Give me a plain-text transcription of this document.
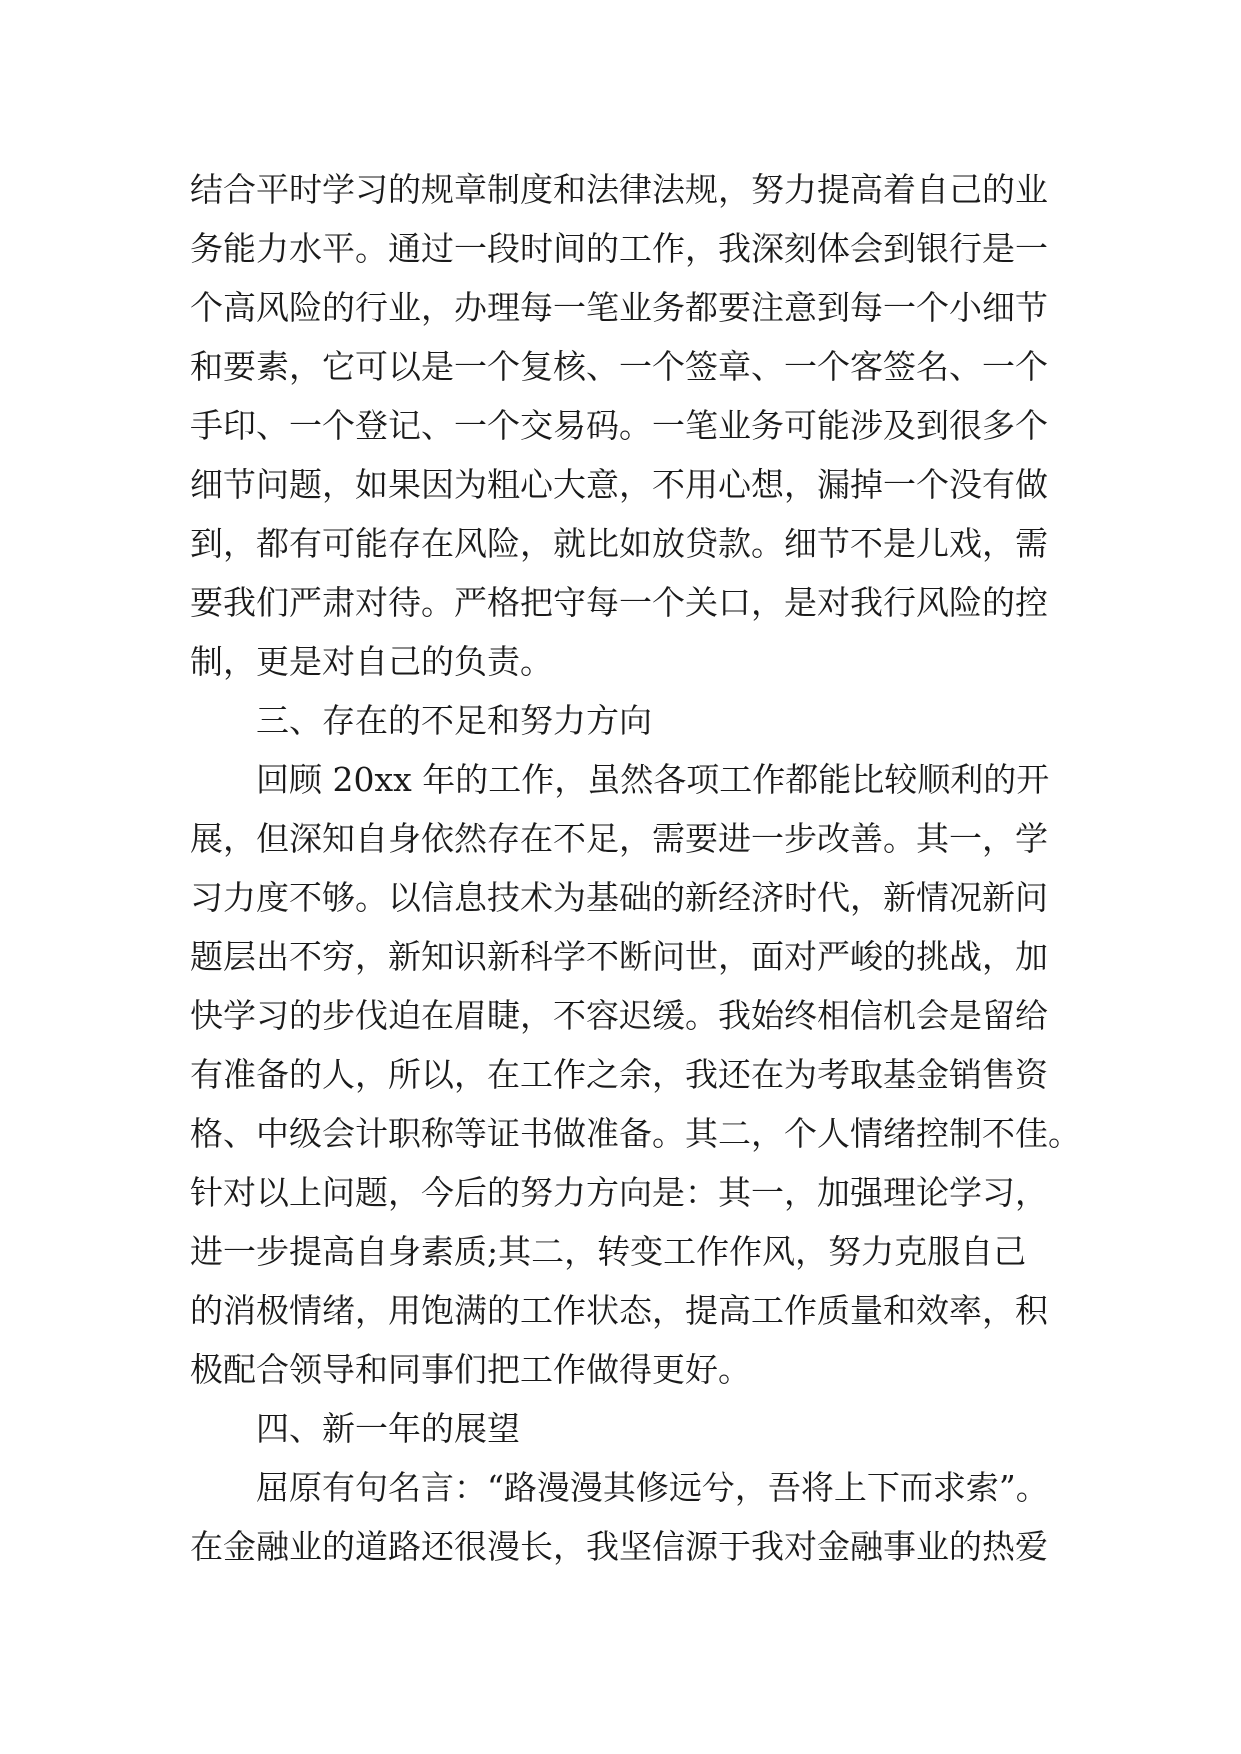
结合平时学习的规章制度和法律法规，努力提高着自己的业
务能力水平。通过一段时间的工作，我深刻体会到银行是一
个高风险的行业，办理每一笔业务都要注意到每一个小细节
和要素，它可以是一个复核、一个签章、一个客签名、一个
手印、一个登记、一个交易码。一笔业务可能涉及到很多个
细节问题，如果因为粗心大意，不用心想，漏掉一个没有做
到，都有可能存在风险，就比如放贷款。细节不是儿戏，需
要我们严肃对待。严格把守每一个关口，是对我行风险的控
制，更是对自己的负责。
三、存在的不足和努力方向
回顾 20xx 年的工作，虽然各项工作都能比较顺利的开
展，但深知自身依然存在不足，需要进一步改善。其一，学
习力度不够。以信息技术为基础的新经济时代，新情况新问
题层出不穷，新知识新科学不断问世，面对严峻的挑战，加
快学习的步伐迫在眉睫，不容迟缓。我始终相信机会是留给
有准备的人，所以，在工作之余，我还在为考取基金销售资
格、中级会计职称等证书做准备。其二，个人情绪控制不佳。
针对以上问题，今后的努力方向是：其一，加强理论学习，
进一步提高自身素质;其二，转变工作作风，努力克服自己
的消极情绪，用饱满的工作状态，提高工作质量和效率，积
极配合领导和同事们把工作做得更好。
四、新一年的展望
屈原有句名言：“路漫漫其修远兮，吾将上下而求索”。
在金融业的道路还很漫长，我坚信源于我对金融事业的热爱
